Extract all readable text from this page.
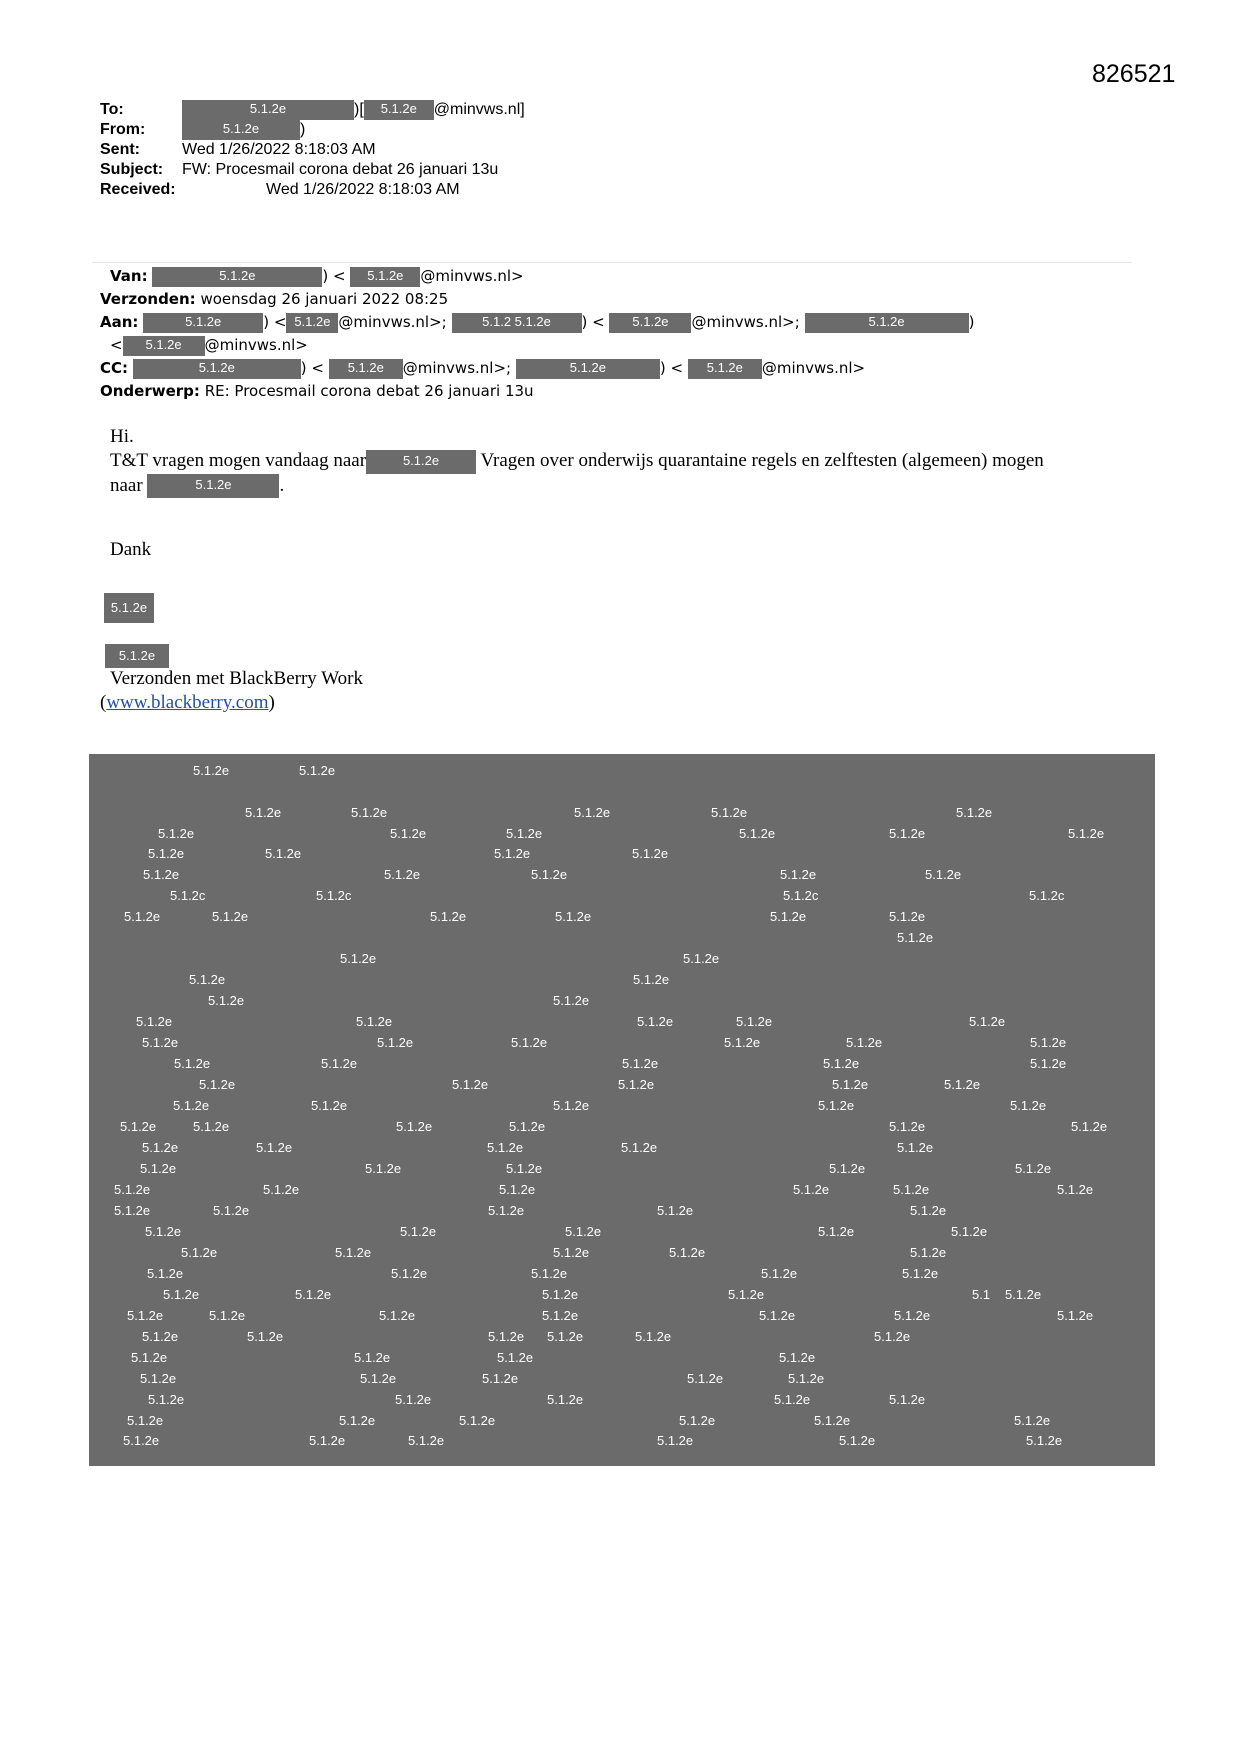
826521
To:	5.1.2e	)[ 5.1.2e @minvws.nl]
From:	5.1.2e	)
Sent:	Wed 1/26/2022 8:18:03 AM
Subject: FW: Procesmail corona debat 26 januari 13u
Received:	Wed 1/26/2022 8:18:03 AM
Van:	5.1.2e	) < 5.1.2e @minvws.nl>
Verzonden: woensdag 26 januari 2022 08:25
Aan:	5.1.2e	) < 5.1.2e @minvws.nl>;	5.1.2 5.1.2e ) < 5.1.2e @minvws.nl>;	5.1.2e	)
< 5.1.2e @minvws.nl>
CC:	5.1.2e	) < 5.1.2e @minvws.nl>;	5.1.2e	) < 5.1.2e @minvws.nl>
Onderwerp: RE: Procesmail corona debat 26 januari 13u

Hi.

T&T vragen mogen vandaag naar	5.1.2e Vragen over onderwijs quarantaine regels en zelftesten (algemeen) mogen

naar	5.1.2e	.

Dank

5.1.2e
5.1.2e
Verzonden met BlackBerry Work
(www.blackberry.com)
5.1.2e	5.1.2e
5.1.2e	5.1.2e	5.1.2e	5.1.2e	5.1.2e
5.1.2e	5.1.2e	5.1.2e	5.1.2e	5.1.2e	5.1.2e
5.1.2e	5.1.2e	5.1.2e	5.1.2e
5.1.2e	5.1.2e	5.1.2e	5.1.2e	5.1.2e
5.1.2c	5.1.2c	5.1.2c	5.1.2c
5.1.2e	5.1.2e	5.1.2e	5.1.2e	5.1.2e	5.1.2e
5.1.2e
5.1.2e	5.1.2e
5.1.2e	5.1.2e
5.1.2e	5.1.2e
5.1.2e	5.1.2e	5.1.2e	5.1.2e	5.1.2e
5.1.2e	5.1.2e	5.1.2e	5.1.2e	5.1.2e	5.1.2e
5.1.2e	5.1.2e	5.1.2e	5.1.2e	5.1.2e
5.1.2e	5.1.2e	5.1.2e	5.1.2e	5.1.2e
5.1.2e	5.1.2e	5.1.2e	5.1.2e	5.1.2e
5.1.2e	5.1.2e	5.1.2e	5.1.2e	5.1.2e	5.1.2e
5.1.2e	5.1.2e	5.1.2e	5.1.2e	5.1.2e
5.1.2e	5.1.2e	5.1.2e	5.1.2e	5.1.2e
5.1.2e	5.1.2e	5.1.2e	5.1.2e	5.1.2e	5.1.2e
5.1.2e	5.1.2e	5.1.2e	5.1.2e	5.1.2e
5.1.2e	5.1.2e	5.1.2e	5.1.2e	5.1.2e
5.1.2e	5.1.2e	5.1.2e	5.1.2e	5.1.2e
5.1.2e	5.1.2e	5.1.2e	5.1.2e	5.1.2e
5.1.2e	5.1.2e	5.1.2e	5.1.2e	5.1 5.1.2e
5.1.2e	5.1.2e	5.1.2e	5.1.2e	5.1.2e	5.1.2e	5.1.2e
5.1.2e	5.1.2e	5.1.2e 5.1.2e	5.1.2e	5.1.2e
5.1.2e	5.1.2e	5.1.2e	5.1.2e
5.1.2e	5.1.2e	5.1.2e	5.1.2e	5.1.2e
5.1.2e	5.1.2e	5.1.2e	5.1.2e	5.1.2e
5.1.2e	5.1.2e	5.1.2e	5.1.2e	5.1.2e	5.1.2e
5.1.2e	5.1.2e	5.1.2e	5.1.2e	5.1.2e	5.1.2e
